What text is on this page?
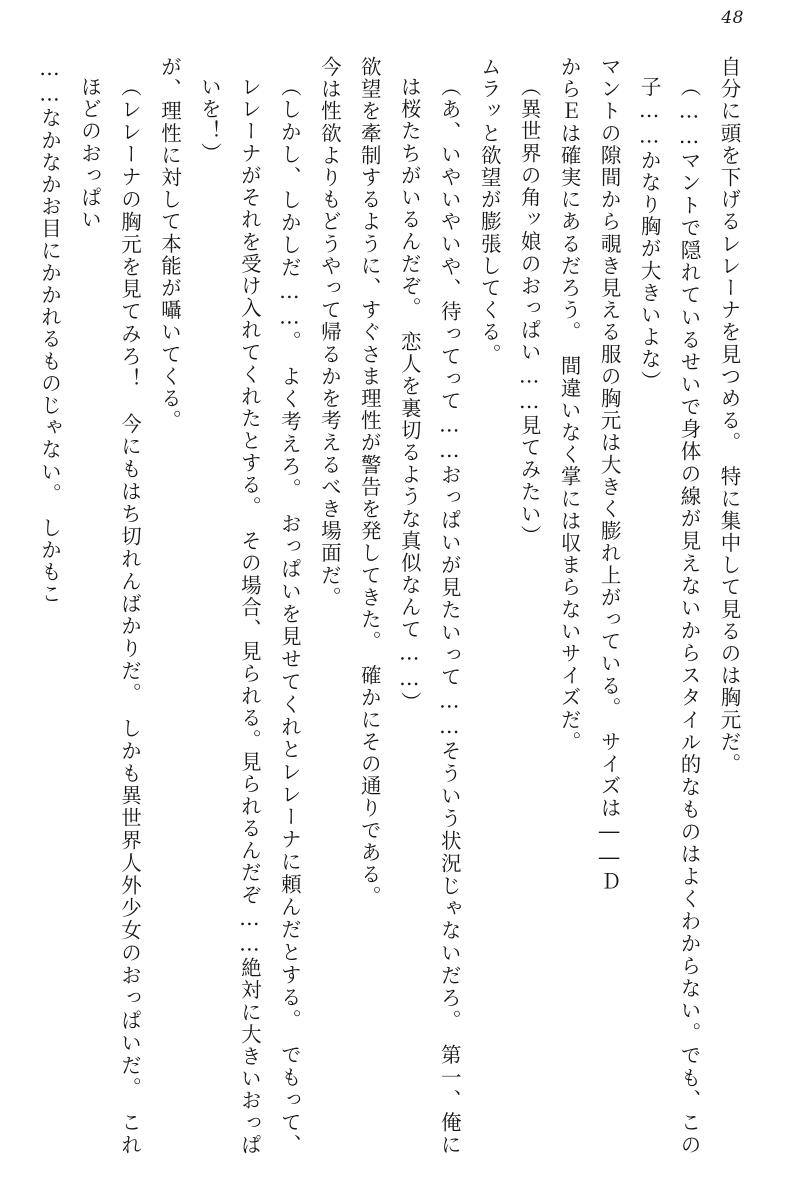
48

自分に頭を下げるレレーナを見つめる。　特に集中して見るのは胸元だ。

（……マントで隠れているせいで身体の線が見えないからスタイル的なものはよくわからない。でも、この子……かなり胸が大きいよな）

マントの隙間から覗き見える服の胸元は大きく膨れ上がっている。　サイズは――Ｄ

からＥは確実にあるだろう。　間違いなく掌には収まらないサイズだ。

（異世界の角ッ娘のおっぱい……見てみたい）

ムラッと欲望が膨張してくる。

（あ、いやいやいや、待ってって……おっぱいが見たいって……そういう状況じゃないだろ。　第一、俺には桜たちがいるんだぞ。　恋人を裏切るような真似なんて……）

欲望を牽制するように、すぐさま理性が警告を発してきた。　確かにその通りである。

今は性欲よりもどうやって帰るかを考えるべき場面だ。

（しかし、しかしだ……。　よく考えろ。　おっぱいを見せてくれとレレーナに頼んだとする。　でもって、レレーナがそれを受け入れてくれたとする。　その場合、見られる。見られるんだぞ……絶対に大きいおっぱいを！）

が、理性に対して本能が囁いてくる。

（レレーナの胸元を見てみろ！　今にもはち切れんばかりだ。　しかも異世界人外少女のおっぱいだ。　これほどのおっぱい

……なかなかお目にかかれるものじゃない。　しかもこ
